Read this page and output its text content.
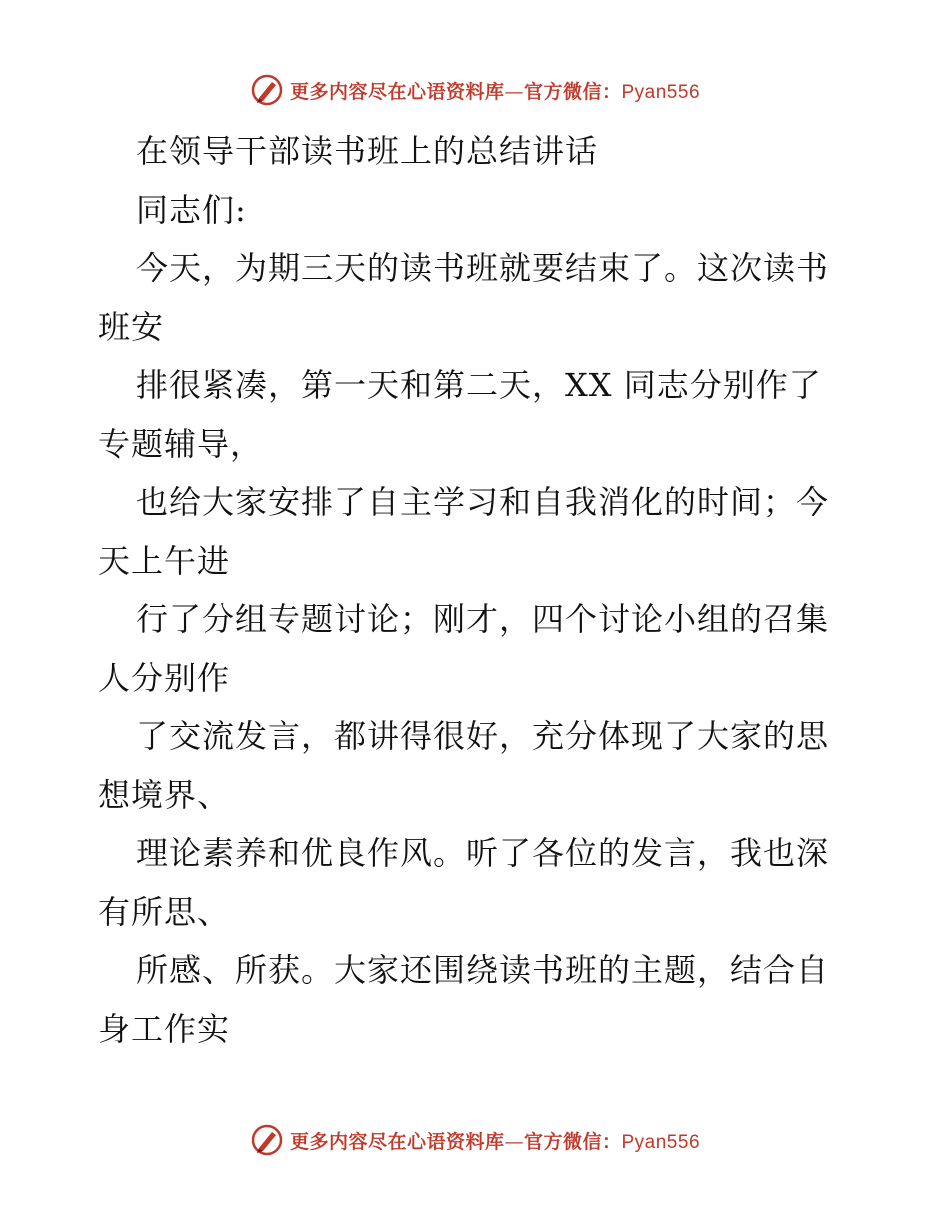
更多内容尽在心语资料库—官方微信：Pyan556
在领导干部读书班上的总结讲话
同志们:
今天，为期三天的读书班就要结束了。这次读书
班安
排很紧凑，第一天和第二天，XX 同志分别作了
专题辅导，
也给大家安排了自主学习和自我消化的时间；今
天上午进
行了分组专题讨论；刚才，四个讨论小组的召集
人分别作
了交流发言，都讲得很好，充分体现了大家的思
想境界、
理论素养和优良作风。听了各位的发言，我也深
有所思、
所感、所获。大家还围绕读书班的主题，结合自
身工作实
更多内容尽在心语资料库—官方微信：Pyan556
